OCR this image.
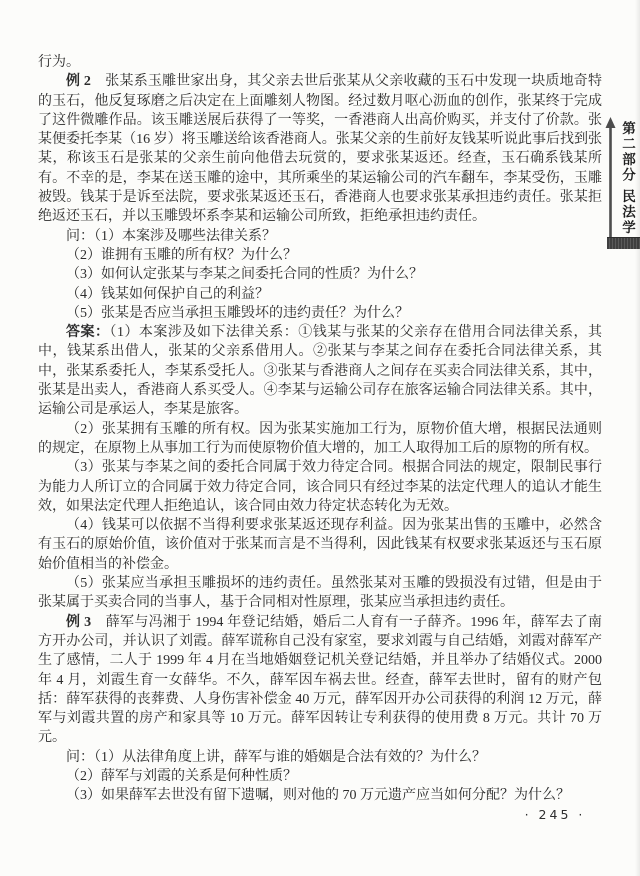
行为。

例 2　张某系玉雕世家出身，其父亲去世后张某从父亲收藏的玉石中发现一块质地奇特的玉石，他反复琢磨之后决定在上面雕刻人物图。经过数月呕心沥血的创作，张某终于完成了这件微雕作品。该玉雕送展后获得了一等奖，一香港商人出高价购买，并支付了价款。张某便委托李某（16 岁）将玉雕送给该香港商人。张某父亲的生前好友钱某听说此事后找到张某，称该玉石是张某的父亲生前向他借去玩赏的，要求张某返还。经查，玉石确系钱某所有。不幸的是，李某在送玉雕的途中，其所乘坐的某运输公司的汽车翻车，李某受伤，玉雕被毁。钱某于是诉至法院，要求张某返还玉石，香港商人也要求张某承担违约责任。张某拒绝返还玉石，并以玉雕毁坏系李某和运输公司所致，拒绝承担违约责任。

问：（1）本案涉及哪些法律关系？

（2）谁拥有玉雕的所有权？为什么？

（3）如何认定张某与李某之间委托合同的性质？为什么？

（4）钱某如何保护自己的利益？

（5）张某是否应当承担玉雕毁坏的违约责任？为什么？

答案：（1）本案涉及如下法律关系：①钱某与张某的父亲存在借用合同法律关系，其中，钱某系出借人，张某的父亲系借用人。②张某与李某之间存在委托合同法律关系，其中，张某系委托人，李某系受托人。③张某与香港商人之间存在买卖合同法律关系，其中，张某是出卖人，香港商人系买受人。④李某与运输公司存在旅客运输合同法律关系。其中，运输公司是承运人，李某是旅客。

（2）张某拥有玉雕的所有权。因为张某实施加工行为，原物价值大增，根据民法通则的规定，在原物上从事加工行为而使原物价值大增的，加工人取得加工后的原物的所有权。

（3）张某与李某之间的委托合同属于效力待定合同。根据合同法的规定，限制民事行为能力人所订立的合同属于效力待定合同，该合同只有经过李某的法定代理人的追认才能生效，如果法定代理人拒绝追认，该合同由效力待定状态转化为无效。

（4）钱某可以依据不当得利要求张某返还现存利益。因为张某出售的玉雕中，必然含有玉石的原始价值，该价值对于张某而言是不当得利，因此钱某有权要求张某返还与玉石原始价值相当的补偿金。

（5）张某应当承担玉雕损坏的违约责任。虽然张某对玉雕的毁损没有过错，但是由于张某属于买卖合同的当事人，基于合同相对性原理，张某应当承担违约责任。

例 3　薛军与冯湘于 1994 年登记结婚，婚后二人育有一子薛齐。1996 年，薛军去了南方开办公司，并认识了刘霞。薛军谎称自己没有家室，要求刘霞与自己结婚，刘霞对薛军产生了感情，二人于 1999 年 4 月在当地婚姻登记机关登记结婚，并且举办了结婚仪式。2000 年 4 月，刘霞生育一女薛华。不久，薛军因车祸去世。经查，薛军去世时，留有的财产包括：薛军获得的丧葬费、人身伤害补偿金 40 万元，薛军因开办公司获得的利润 12 万元，薛军与刘霞共置的房产和家具等 10 万元。薛军因转让专利获得的使用费 8 万元。共计 70 万元。

问：（1）从法律角度上讲，薛军与谁的婚姻是合法有效的？为什么？

（2）薛军与刘霞的关系是何种性质？

（3）如果薛军去世没有留下遗嘱，则对他的 70 万元遗产应当如何分配？为什么？

第二部分
民法学
· 245 ·
